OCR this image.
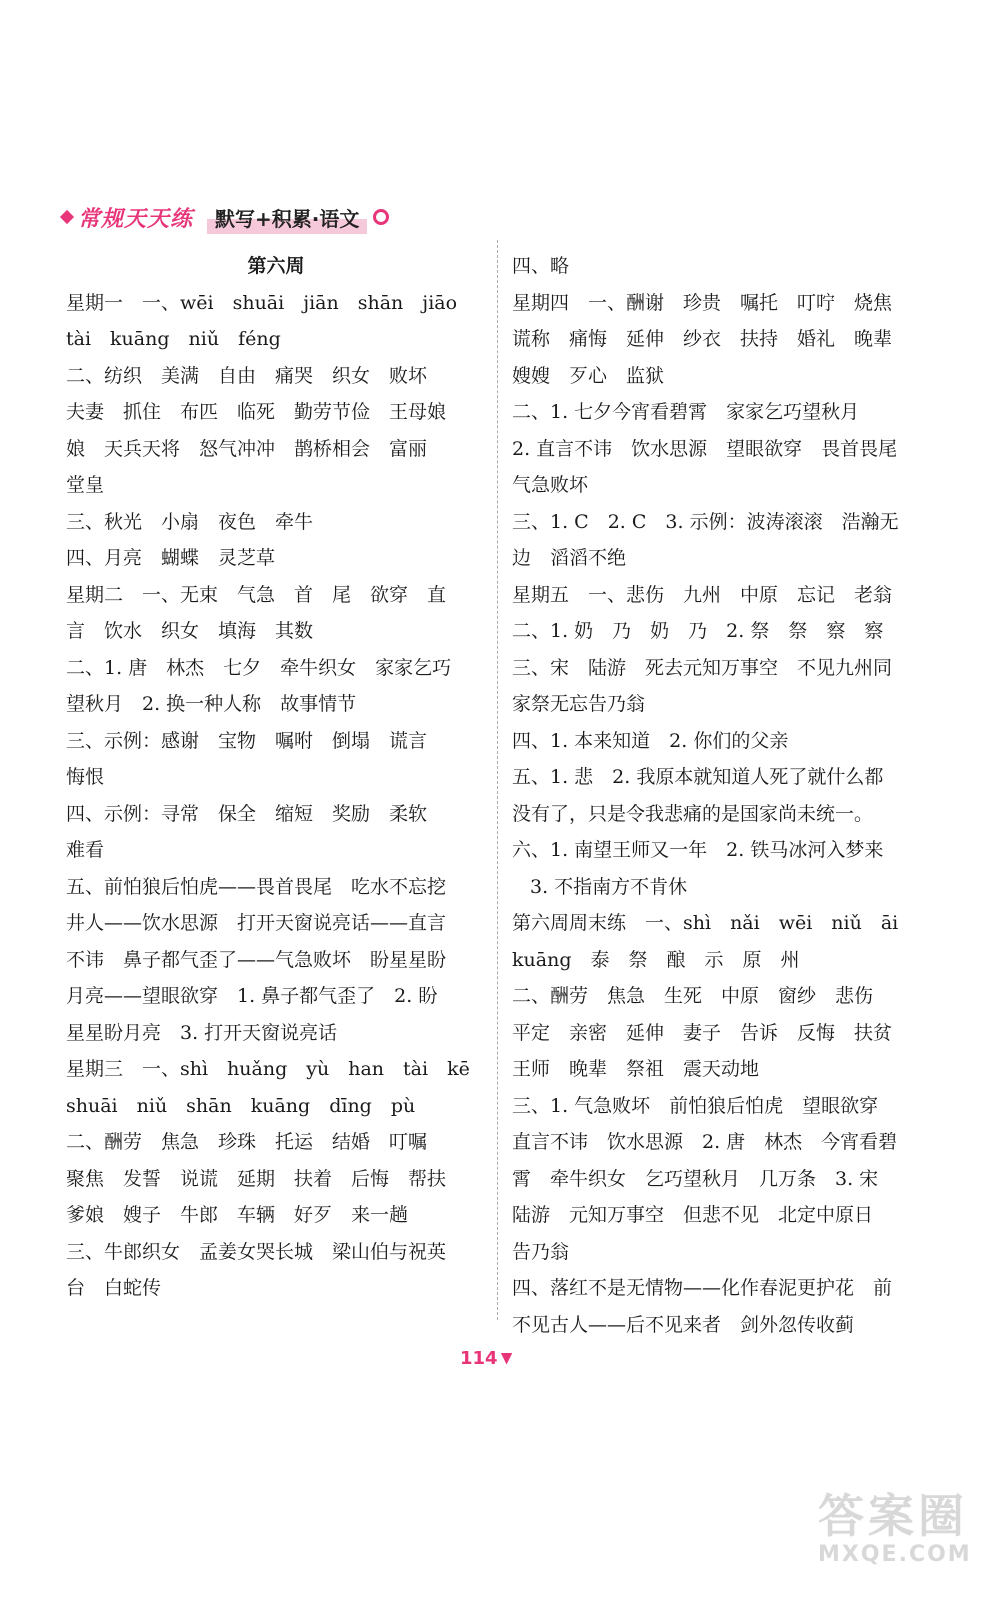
常规天天练	默写+积累·语文
第六周
星期一　一、wēi　shuāi　jiān　shān　jiāo
tài　kuāng　niǔ　féng
二、纺织　美满　自由　痛哭　织女　败坏
夫妻　抓住　布匹　临死　勤劳节俭　王母娘
娘　天兵天将　怒气冲冲　鹊桥相会　富丽
堂皇
三、秋光　小扇　夜色　牵牛
四、月亮　蝴蝶　灵芝草
星期二　一、无束　气急　首　尾　欲穿　直
言　饮水　织女　填海　其数
二、1. 唐　林杰　七夕　牵牛织女　家家乞巧
望秋月　2. 换一种人称　故事情节
三、示例：感谢　宝物　嘱咐　倒塌　谎言
悔恨
四、示例：寻常　保全　缩短　奖励　柔软
难看
五、前怕狼后怕虎——畏首畏尾　吃水不忘挖
井人——饮水思源　打开天窗说亮话——直言
不讳　鼻子都气歪了——气急败坏　盼星星盼
月亮——望眼欲穿　1. 鼻子都气歪了　2. 盼
星星盼月亮　3. 打开天窗说亮话
星期三　一、shì　huǎng　yù　han　tài　kē
shuāi　niǔ　shān　kuāng　dīng　pù
二、酬劳　焦急　珍珠　托运　结婚　叮嘱
聚焦　发誓　说谎　延期　扶着　后悔　帮扶
爹娘　嫂子　牛郎　车辆　好歹　来一趟
三、牛郎织女　孟姜女哭长城　梁山伯与祝英
台　白蛇传
四、略
星期四　一、酬谢　珍贵　嘱托　叮咛　烧焦
谎称　痛悔　延伸　纱衣　扶持　婚礼　晚辈
嫂嫂　歹心　监狱
二、1. 七夕今宵看碧霄　家家乞巧望秋月
2. 直言不讳　饮水思源　望眼欲穿　畏首畏尾
气急败坏
三、1. C　2. C　3. 示例：波涛滚滚　浩瀚无
边　滔滔不绝
星期五　一、悲伤　九州　中原　忘记　老翁
二、1. 奶　乃　奶　乃　2. 祭　祭　察　察
三、宋　陆游　死去元知万事空　不见九州同
家祭无忘告乃翁
四、1. 本来知道　2. 你们的父亲
五、1. 悲　2. 我原本就知道人死了就什么都
没有了，只是令我悲痛的是国家尚未统一。
六、1. 南望王师又一年　2. 铁马冰河入梦来
3. 不指南方不肯休
第六周周末练　一、shì　nǎi　wēi　niǔ　āi
kuāng　泰　祭　酿　示　原　州
二、酬劳　焦急　生死　中原　窗纱　悲伤
平定　亲密　延伸　妻子　告诉　反悔　扶贫
王师　晚辈　祭祖　震天动地
三、1. 气急败坏　前怕狼后怕虎　望眼欲穿
直言不讳　饮水思源　2. 唐　林杰　今宵看碧
霄　牵牛织女　乞巧望秋月　几万条　3. 宋
陆游　元知万事空　但悲不见　北定中原日
告乃翁
四、落红不是无情物——化作春泥更护花　前
不见古人——后不见来者　剑外忽传收蓟
114
答案圈
MXQE.COM
